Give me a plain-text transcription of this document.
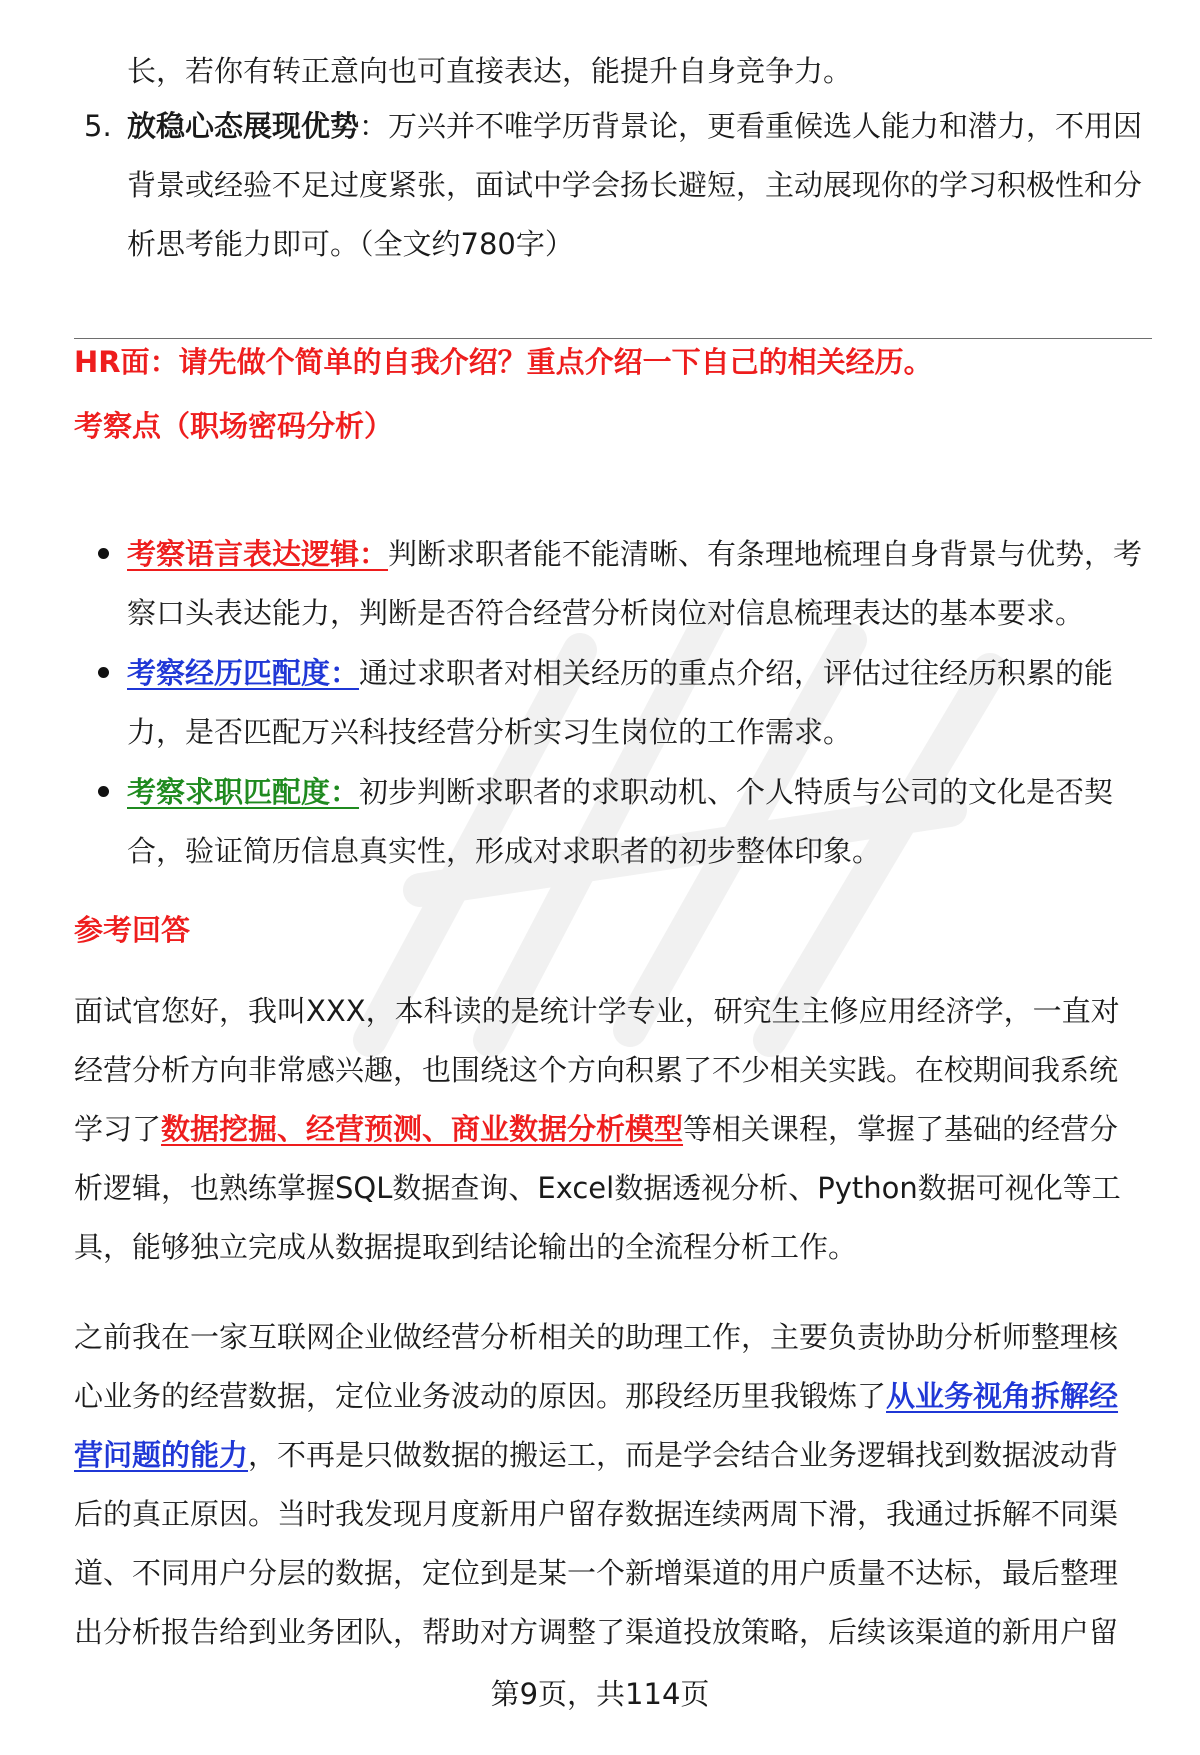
长，若你有转正意向也可直接表达，能提升自身竞争力。

5. 放稳心态展现优势：万兴并不唯学历背景论，更看重候选人能力和潜力，不用因背景或经验不足过度紧张，面试中学会扬长避短，主动展现你的学习积极性和分析思考能力即可。（全文约780字）

HR面：请先做个简单的自我介绍？重点介绍一下自己的相关经历。
考察点（职场密码分析）

考察语言表达逻辑：判断求职者能不能清晰、有条理地梳理自身背景与优势，考察口头表达能力，判断是否符合经营分析岗位对信息梳理表达的基本要求。

考察经历匹配度：通过求职者对相关经历的重点介绍，评估过往经历积累的能力，是否匹配万兴科技经营分析实习生岗位的工作需求。

考察求职匹配度：初步判断求职者的求职动机、个人特质与公司的文化是否契合，验证简历信息真实性，形成对求职者的初步整体印象。

参考回答

面试官您好，我叫XXX，本科读的是统计学专业，研究生主修应用经济学，一直对经营分析方向非常感兴趣，也围绕这个方向积累了不少相关实践。在校期间我系统学习了数据挖掘、经营预测、商业数据分析模型等相关课程，掌握了基础的经营分析逻辑，也熟练掌握SQL数据查询、Excel数据透视分析、Python数据可视化等工具，能够独立完成从数据提取到结论输出的全流程分析工作。

之前我在一家互联网企业做经营分析相关的助理工作，主要负责协助分析师整理核心业务的经营数据，定位业务波动的原因。那段经历里我锻炼了从业务视角拆解经营问题的能力，不再是只做数据的搬运工，而是学会结合业务逻辑找到数据波动背后的真正原因。当时我发现月度新用户留存数据连续两周下滑，我通过拆解不同渠道、不同用户分层的数据，定位到是某一个新增渠道的用户质量不达标，最后整理出分析报告给到业务团队，帮助对方调整了渠道投放策略，后续该渠道的新用户留

第9页，共114页
